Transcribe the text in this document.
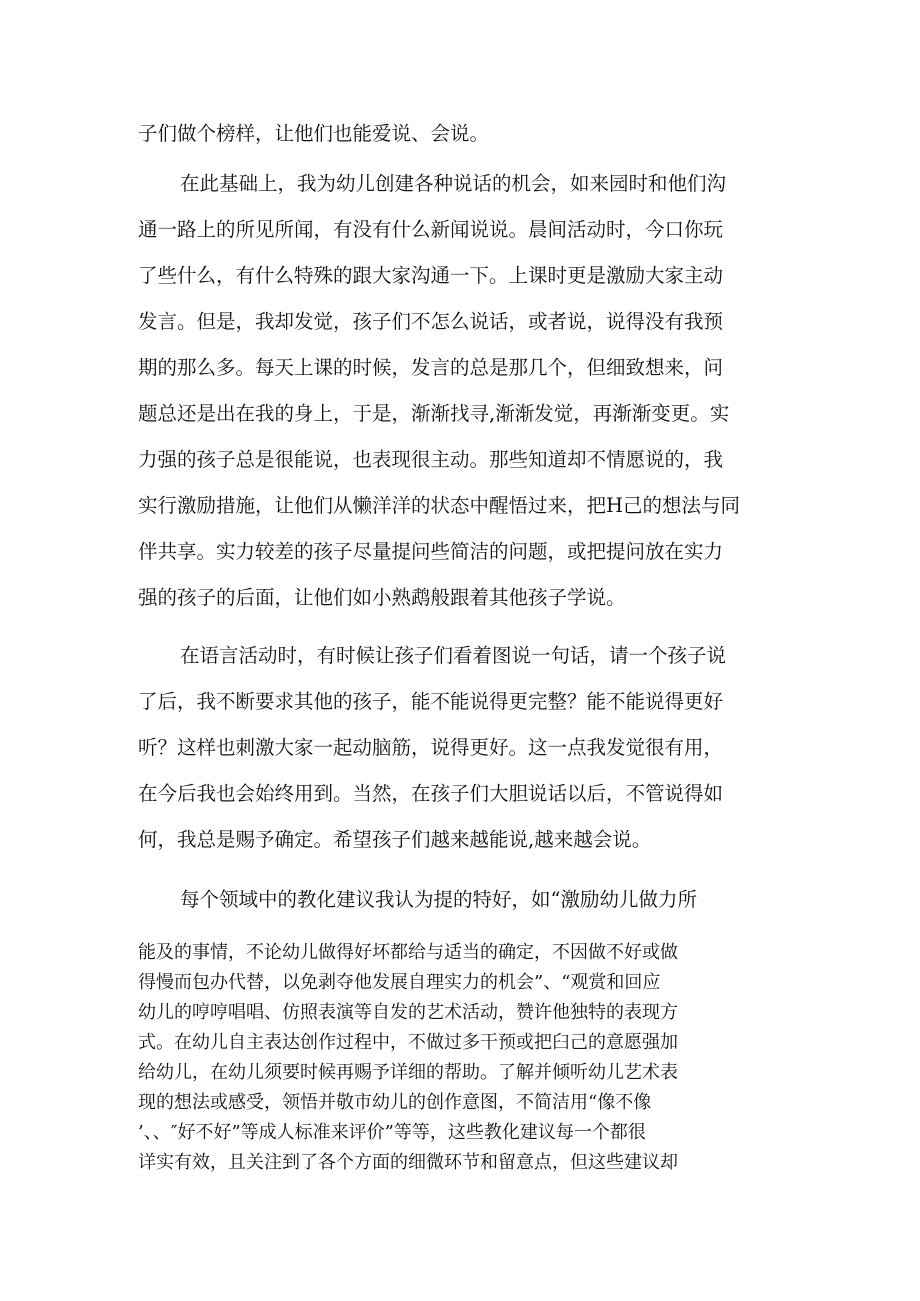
子们做个榜样，让他们也能爱说、会说。
在此基础上，我为幼儿创建各种说话的机会，如来园时和他们沟
通一路上的所见所闻，有没有什么新闻说说。晨间活动时，今口你玩
了些什么，有什么特殊的跟大家沟通一下。上课时更是激励大家主动
发言。但是，我却发觉，孩子们不怎么说话，或者说，说得没有我预
期的那么多。每天上课的时候，发言的总是那几个，但细致想来，问
题总还是出在我的身上，于是，渐渐找寻,渐渐发觉，再渐渐变更。实
力强的孩子总是很能说，也表现很主动。那些知道却不情愿说的，我
实行激励措施，让他们从懒洋洋的状态中醒悟过来，把H己的想法与同
伴共享。实力较差的孩子尽量提问些简洁的问题，或把提问放在实力
强的孩子的后面，让他们如小熟鹉般跟着其他孩子学说。
在语言活动时，有时候让孩子们看着图说一句话，请一个孩子说
了后，我不断要求其他的孩子，能不能说得更完整？能不能说得更好
听？这样也刺激大家一起动脑筋，说得更好。这一点我发觉很有用，
在今后我也会始终用到。当然，在孩子们大胆说话以后，不管说得如
何，我总是赐予确定。希望孩子们越来越能说,越来越会说。
每个领域中的教化建议我认为提的特好，如“激励幼儿做力所
能及的事情，不论幼儿做得好坏都给与适当的确定，不因做不好或做
得慢而包办代替，以免剥夺他发展自理实力的机会”、“观赏和回应
幼儿的哼哼唱唱、仿照表演等自发的艺术活动，赞许他独特的表现方
式。在幼儿自主表达创作过程中，不做过多干预或把臼己的意愿强加
给幼儿，在幼儿须要时候再赐予详细的帮助。了解并倾听幼儿艺术表
现的想法或感受，领悟并敬市幼儿的创作意图，不简洁用“像不像
’、、″好不好”等成人标准来评价”等等，这些教化建议每一个都很
详实有效，且关注到了各个方面的细微环节和留意点，但这些建议却
